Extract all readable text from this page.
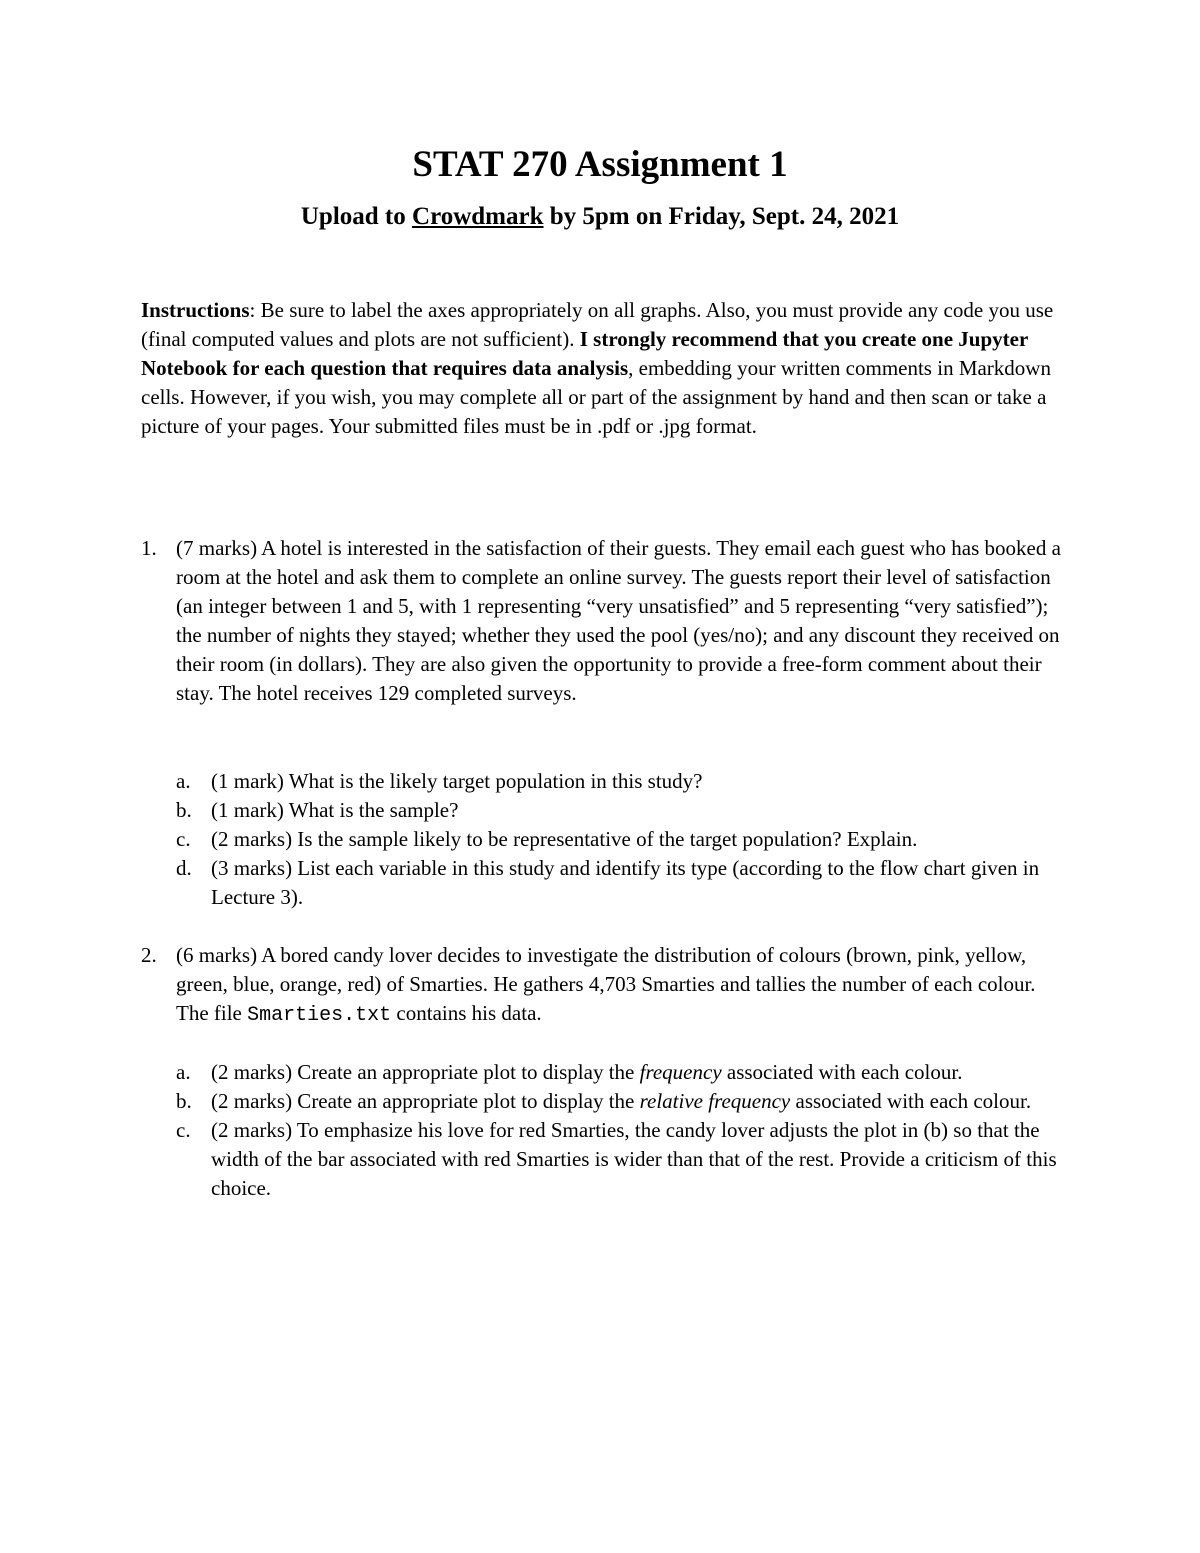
STAT 270 Assignment 1
Upload to Crowdmark by 5pm on Friday, Sept. 24, 2021
Instructions: Be sure to label the axes appropriately on all graphs. Also, you must provide any code you use (final computed values and plots are not sufficient). I strongly recommend that you create one Jupyter Notebook for each question that requires data analysis, embedding your written comments in Markdown cells. However, if you wish, you may complete all or part of the assignment by hand and then scan or take a picture of your pages. Your submitted files must be in .pdf or .jpg format.
1. (7 marks) A hotel is interested in the satisfaction of their guests. They email each guest who has booked a room at the hotel and ask them to complete an online survey. The guests report their level of satisfaction (an integer between 1 and 5, with 1 representing “very unsatisfied” and 5 representing “very satisfied”); the number of nights they stayed; whether they used the pool (yes/no); and any discount they received on their room (in dollars). They are also given the opportunity to provide a free-form comment about their stay. The hotel receives 129 completed surveys.
a. (1 mark) What is the likely target population in this study?
b. (1 mark) What is the sample?
c. (2 marks) Is the sample likely to be representative of the target population? Explain.
d. (3 marks) List each variable in this study and identify its type (according to the flow chart given in Lecture 3).
2. (6 marks) A bored candy lover decides to investigate the distribution of colours (brown, pink, yellow, green, blue, orange, red) of Smarties. He gathers 4,703 Smarties and tallies the number of each colour. The file Smarties.txt contains his data.
a. (2 marks) Create an appropriate plot to display the frequency associated with each colour.
b. (2 marks) Create an appropriate plot to display the relative frequency associated with each colour.
c. (2 marks) To emphasize his love for red Smarties, the candy lover adjusts the plot in (b) so that the width of the bar associated with red Smarties is wider than that of the rest. Provide a criticism of this choice.
